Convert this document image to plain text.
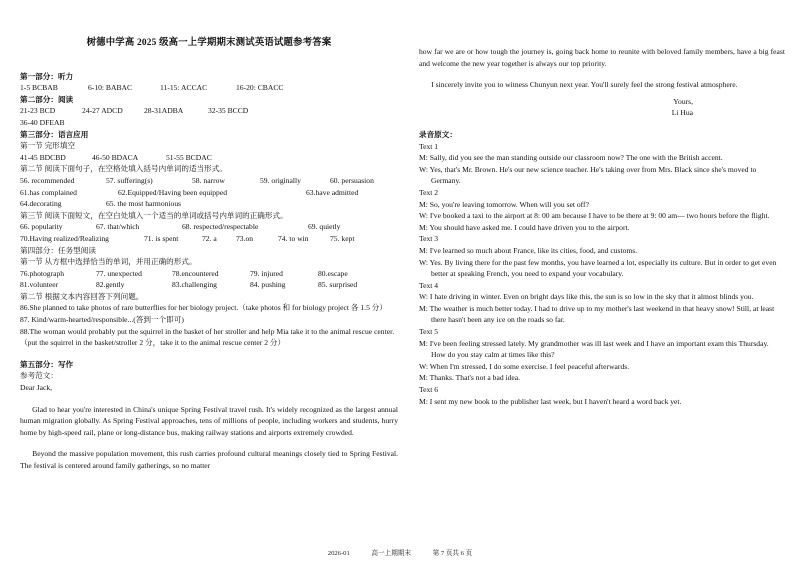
树德中学高 2025 级高一上学期期末测试英语试题参考答案
第一部分：听力
1-5 BCBAB	6-10: BABAC	11-15: ACCAC	16-20: CBACC
第二部分：阅读
21-23 BCD	24-27 ADCD	28-31ADBA	32-35 BCCD
36-40 DFEAB
第三部分：语言应用
第一节 完形填空
41-45 BDCBD	46-50 BDACA	51-55 BCDAC
第二节 阅读下面句子，在空格处填入括号内单词的适当形式。
56. recommended	57. suffering(s)	58. narrow	59. originally	60. persuasion
61.has complained	62.Equipped/Having been equipped	63.have admitted
64.decorating	65. the most harmonious
第三节 阅读下面短文，在空白处填入一个适当的单词或括号内单词的正确形式。
66. popularity	67. that/which	68. respected/respectable	69. quietly
70.Having realized/Realizing	71. is spent	72. a	73.on	74. to win	75. kept
第四部分：任务型阅读
第一节 从方框中选择恰当的单词，并用正确的形式。
76.photograph	77. unexpected	78.encountered	79. injured	80.escape
81.volunteer	82.gently	83.challenging	84. pushing	85. surprised
第二节 根据文本内容回答下列问题。
86.She planned to take photos of rare butterflies for her biology project.（take photos 和 for biology project 各 1.5 分）
87. Kind/warm-hearted/responsible...(答到一个即可)
88.The woman would probably put the squirrel in the basket of her stroller and help Mia take it to the animal rescue center.（put the squirrel in the basket/stroller 2 分，take it to the animal rescue center 2 分）
第五部分：写作
参考范文：
Dear Jack,
Glad to hear you're interested in China's unique Spring Festival travel rush. It's widely recognized as the largest annual human migration globally. As Spring Festival approaches, tens of millions of people, including workers and students, hurry home by high-speed rail, plane or long-distance bus, making railway stations and airports extremely crowded.
Beyond the massive population movement, this rush carries profound cultural meanings closely tied to Spring Festival. The festival is centered around family gatherings, so no matter
how far we are or how tough the journey is, going back home to reunite with beloved family members, have a big feast and welcome the new year together is always our top priority.
I sincerely invite you to witness Chunyun next year. You'll surely feel the strong festival atmosphere.
Yours,
Li Hua
录音原文：
Text 1
M: Sally, did you see the man standing outside our classroom now? The one with the British accent.
W: Yes, that's Mr. Brown. He's our new science teacher. He's taking over from Mrs. Black since she's moved to Germany.
Text 2
M: So, you're leaving tomorrow. When will you set off?
W: I've booked a taxi to the airport at 8: 00 am because I have to be there at 9: 00 am— two hours before the flight.
M: You should have asked me. I could have driven you to the airport.
Text 3
M: I've learned so much about France, like its cities, food, and customs.
W: Yes. By living there for the past few months, you have learned a lot, especially its culture. But in order to get even better at speaking French, you need to expand your vocabulary.
Text 4
W: I hate driving in winter. Even on bright days like this, the sun is so low in the sky that it almost blinds you.
M: The weather is much better today. I had to drive up to my mother's last weekend in that heavy snow! Still, at least there hasn't been any ice on the roads so far.
Text 5
M: I've been feeling stressed lately. My grandmother was ill last week and I have an important exam this Thursday. How do you stay calm at times like this?
W: When I'm stressed, I do some exercise. I feel peaceful afterwards.
M: Thanks. That's not a bad idea.
Text 6
M: I sent my new book to the publisher last week, but I haven't heard a word back yet.
2026-01	高一上期期末	第 7 页共 6 页
